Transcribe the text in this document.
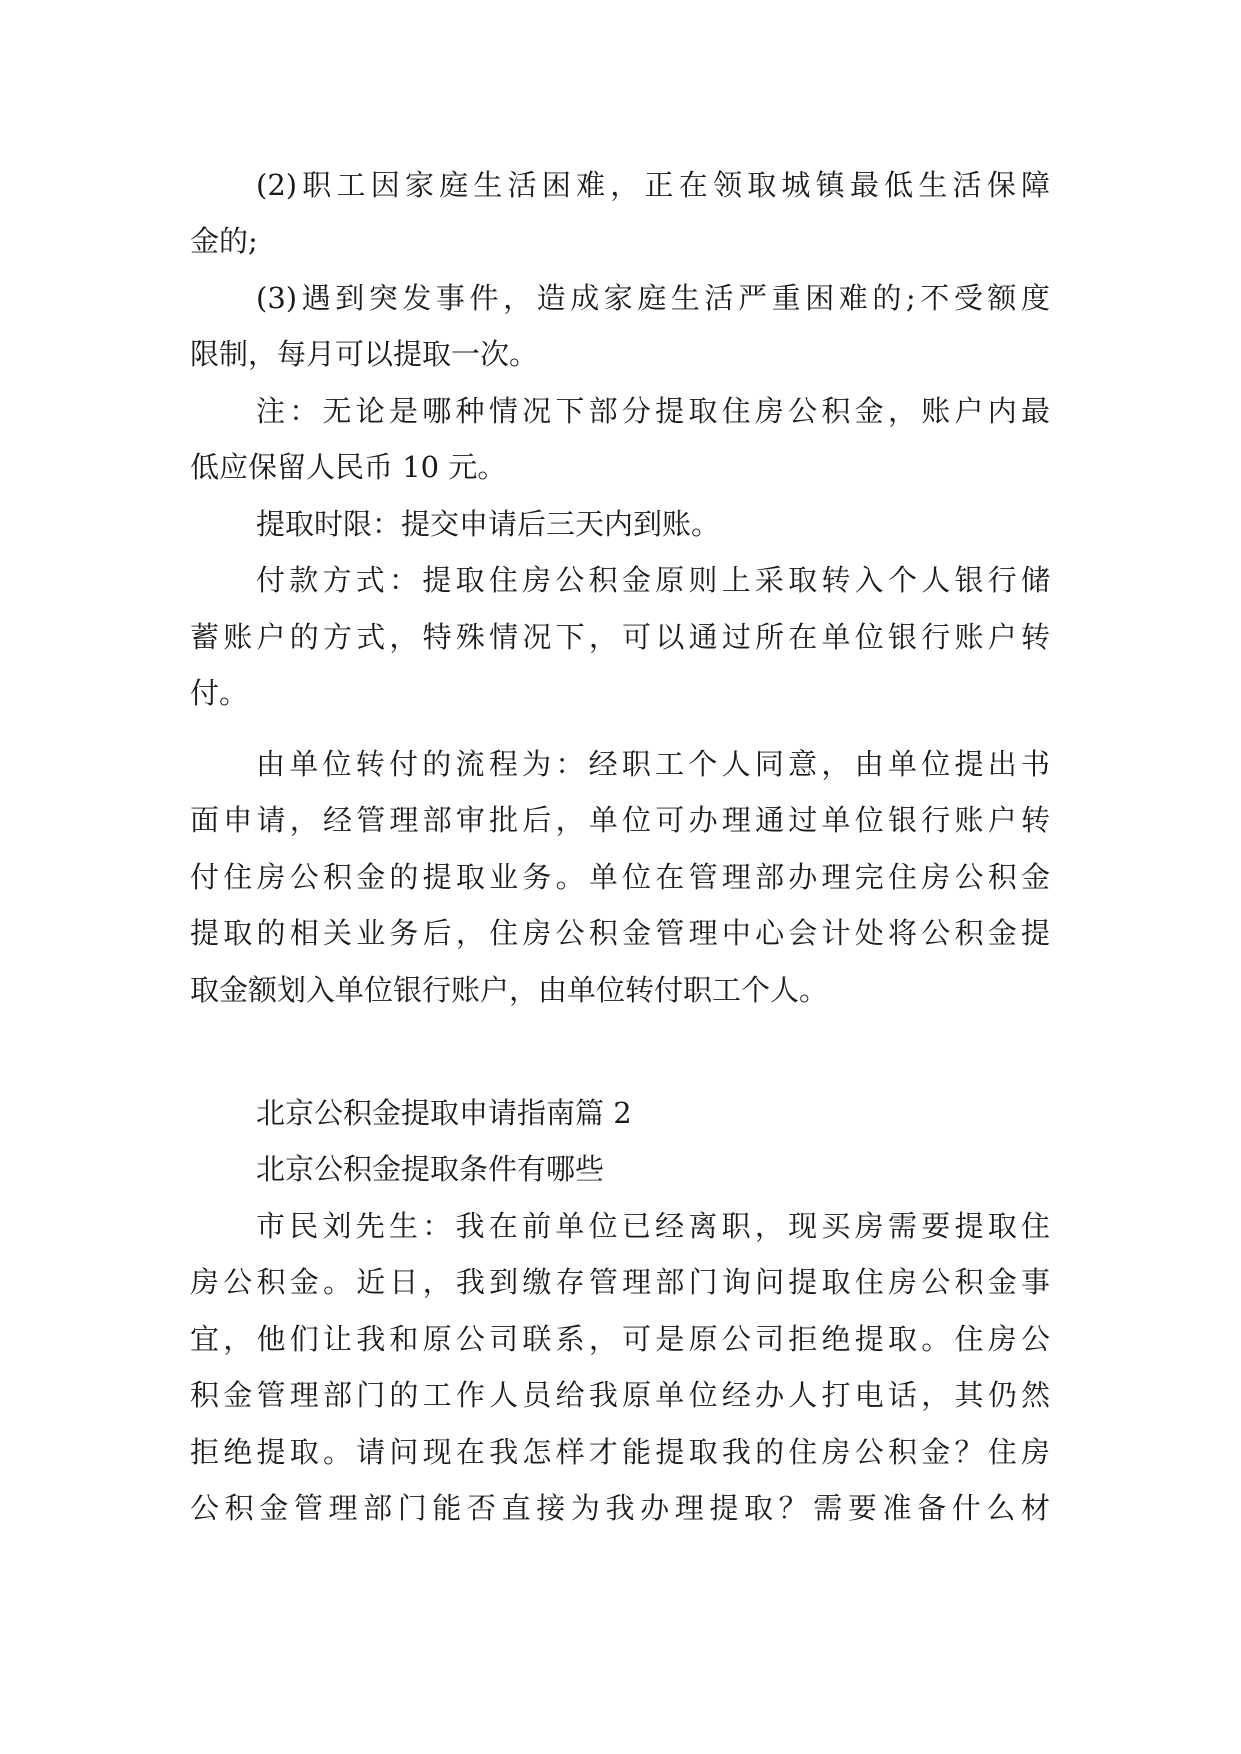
(2)职工因家庭生活困难，正在领取城镇最低生活保障
金的;
(3)遇到突发事件，造成家庭生活严重困难的;不受额度
限制，每月可以提取一次。
注：无论是哪种情况下部分提取住房公积金，账户内最
低应保留人民币 10 元。
提取时限：提交申请后三天内到账。
付款方式：提取住房公积金原则上采取转入个人银行储
蓄账户的方式，特殊情况下，可以通过所在单位银行账户转
付。
由单位转付的流程为：经职工个人同意，由单位提出书
面申请，经管理部审批后，单位可办理通过单位银行账户转
付住房公积金的提取业务。单位在管理部办理完住房公积金
提取的相关业务后，住房公积金管理中心会计处将公积金提
取金额划入单位银行账户，由单位转付职工个人。
北京公积金提取申请指南篇 2
北京公积金提取条件有哪些
市民刘先生：我在前单位已经离职，现买房需要提取住
房公积金。近日，我到缴存管理部门询问提取住房公积金事
宜，他们让我和原公司联系，可是原公司拒绝提取。住房公
积金管理部门的工作人员给我原单位经办人打电话，其仍然
拒绝提取。请问现在我怎样才能提取我的住房公积金？住房
公积金管理部门能否直接为我办理提取？需要准备什么材
